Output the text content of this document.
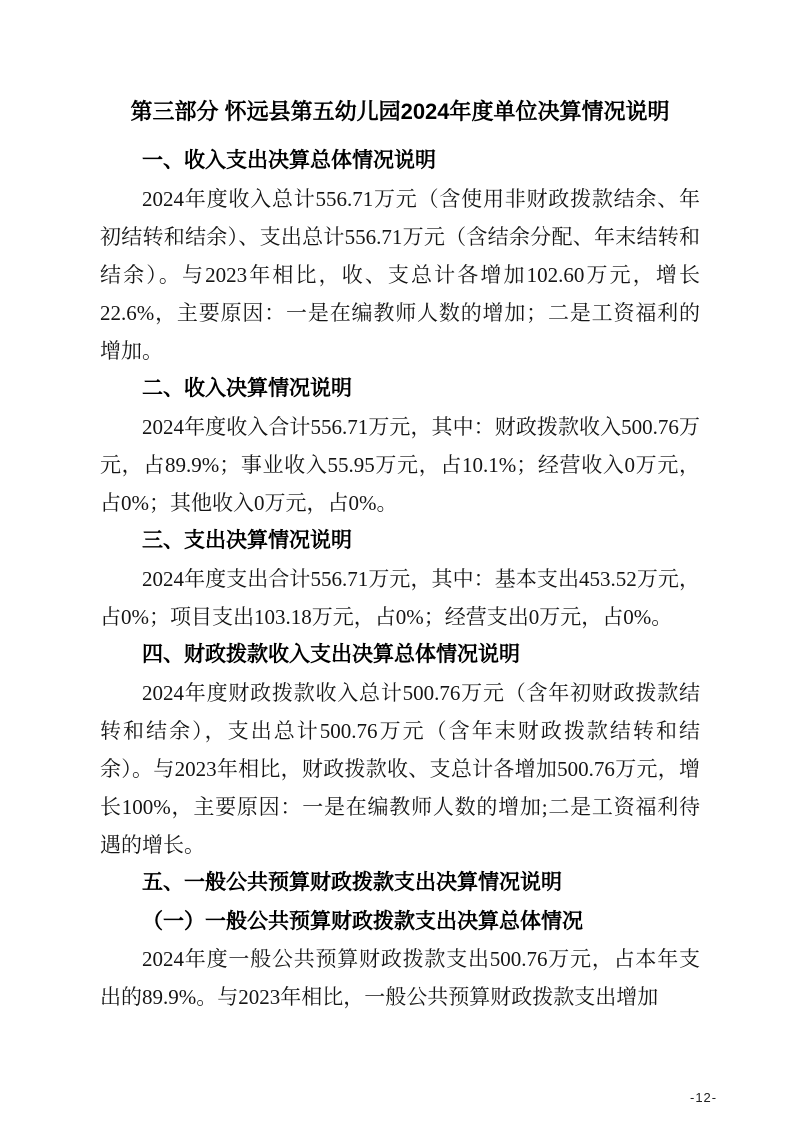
第三部分 怀远县第五幼儿园2024年度单位决算情况说明
一、收入支出决算总体情况说明

2024年度收入总计556.71万元（含使用非财政拨款结余、年初结转和结余）、支出总计556.71万元（含结余分配、年末结转和结余）。与2023年相比，收、支总计各增加102.60万元，增长22.6%，主要原因：一是在编教师人数的增加；二是工资福利的增加。

二、收入决算情况说明

2024年度收入合计556.71万元，其中：财政拨款收入500.76万元，占89.9%；事业收入55.95万元，占10.1%；经营收入0万元，占0%；其他收入0万元，占0%。

三、支出决算情况说明

2024年度支出合计556.71万元，其中：基本支出453.52万元，占0%；项目支出103.18万元，占0%；经营支出0万元，占0%。

四、财政拨款收入支出决算总体情况说明

2024年度财政拨款收入总计500.76万元（含年初财政拨款结转和结余），支出总计500.76万元（含年末财政拨款结转和结余）。与2023年相比，财政拨款收、支总计各增加500.76万元，增长100%，主要原因：一是在编教师人数的增加;二是工资福利待遇的增长。

五、一般公共预算财政拨款支出决算情况说明
（一）一般公共预算财政拨款支出决算总体情况

2024年度一般公共预算财政拨款支出500.76万元，占本年支出的89.9%。与2023年相比，一般公共预算财政拨款支出增加

-12-
